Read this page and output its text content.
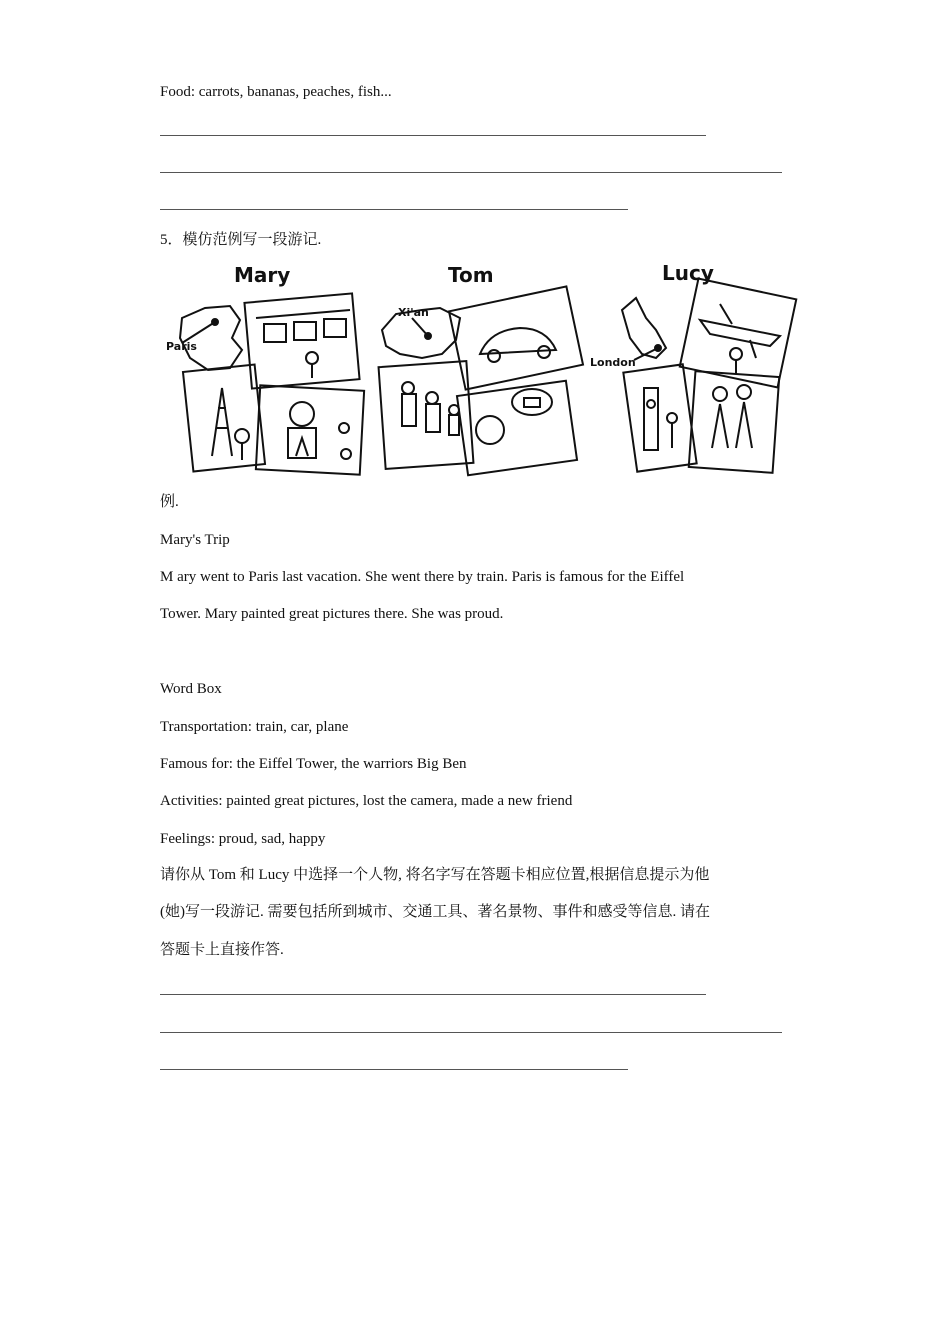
Food: carrots, bananas, peaches, fish...
5．模仿范例写一段游记.
Mary	Tom	Lucy
Paris
Xi'an
London
例.
Mary's Trip
M ary went to Paris last vacation. She went there by train. Paris is famous for the Eiffel
Tower. Mary painted great pictures there. She was proud.
Word Box
Transportation: train, car, plane
Famous for: the Eiffel Tower, the warriors Big Ben
Activities: painted great pictures, lost the camera, made a new friend
Feelings: proud, sad, happy
请你从 Tom 和 Lucy 中选择一个人物, 将名字写在答题卡相应位置,根据信息提示为他
(她)写一段游记. 需要包括所到城市、交通工具、著名景物、事件和感受等信息. 请在
答题卡上直接作答.
